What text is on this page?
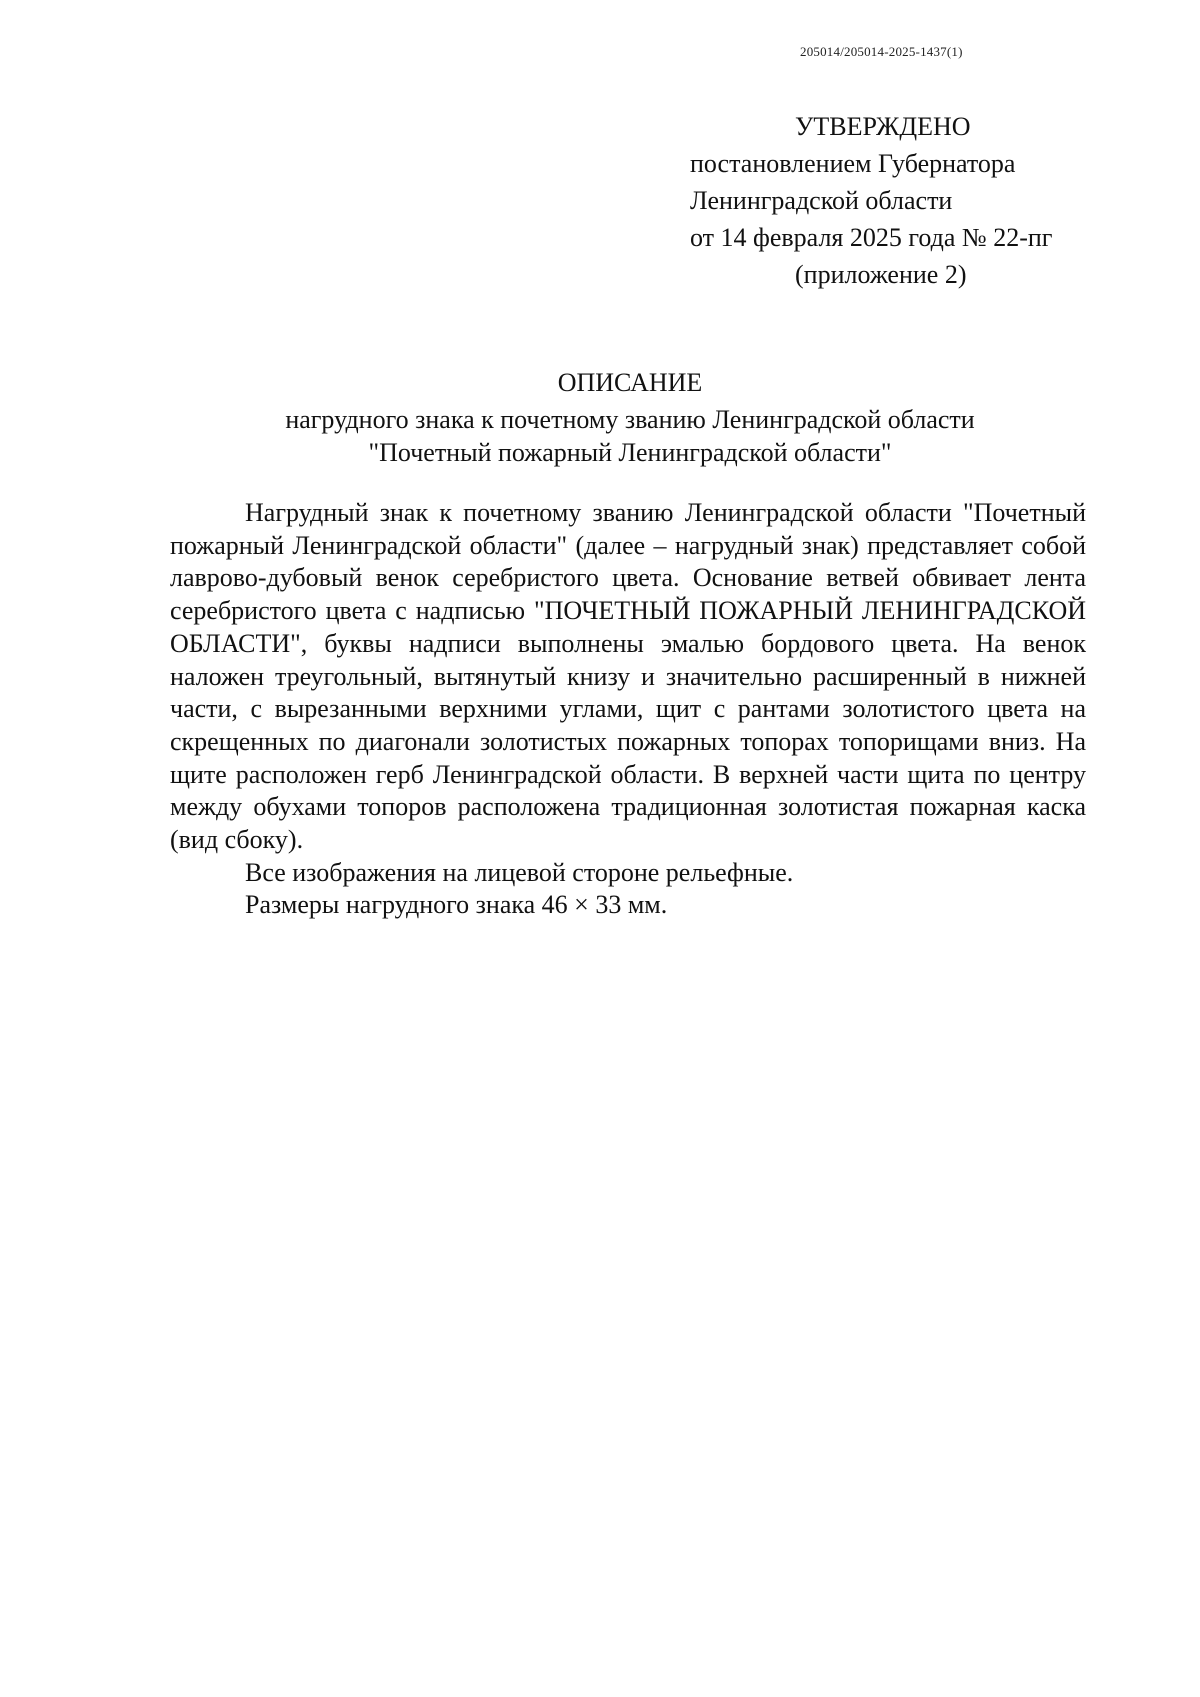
205014/205014-2025-1437(1)
УТВЕРЖДЕНО
постановлением Губернатора
Ленинградской области
от 14 февраля 2025 года № 22-пг
(приложение 2)
ОПИСАНИЕ
нагрудного знака к почетному званию Ленинградской области
"Почетный пожарный Ленинградской области"

Нагрудный знак к почетному званию Ленинградской области "Почетный пожарный Ленинградской области" (далее – нагрудный знак) представляет собой лаврово-дубовый венок серебристого цвета. Основание ветвей обвивает лента серебристого цвета с надписью "ПОЧЕТНЫЙ ПОЖАРНЫЙ ЛЕНИНГРАДСКОЙ ОБЛАСТИ", буквы надписи выполнены эмалью бордового цвета. На венок наложен треугольный, вытянутый книзу и значительно расширенный в нижней части, с вырезанными верхними углами, щит с рантами золотистого цвета на скрещенных по диагонали золотистых пожарных топорах топорищами вниз. На щите расположен герб Ленинградской области. В верхней части щита по центру между обухами топоров расположена традиционная золотистая пожарная каска (вид сбоку).

Все изображения на лицевой стороне рельефные.

Размеры нагрудного знака 46 × 33 мм.
